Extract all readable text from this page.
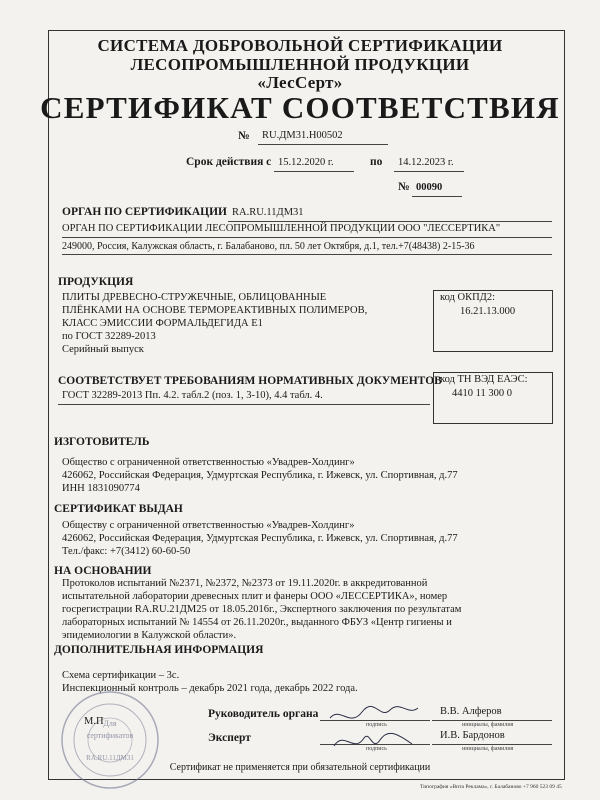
СИСТЕМА ДОБРОВОЛЬНОЙ СЕРТИФИКАЦИИ
ЛЕСОПРОМЫШЛЕННОЙ ПРОДУКЦИИ
«ЛесСерт»
СЕРТИФИКАТ СООТВЕТСТВИЯ
№ RU.ДМ31.H00502
Срок действия с 15.12.2020 г.	по 14.12.2023 г.
№ 00090
ОРГАН ПО СЕРТИФИКАЦИИ RA.RU.11ДМ31
ОРГАН ПО СЕРТИФИКАЦИИ ЛЕСОПРОМЫШЛЕННОЙ ПРОДУКЦИИ ООО "ЛЕССЕРТИКА"
249000, Россия, Калужская область, г. Балабаново, пл. 50 лет Октября, д.1, тел.+7(48438) 2-15-36
ПРОДУКЦИЯ
ПЛИТЫ ДРЕВЕСНО-СТРУЖЕЧНЫЕ, ОБЛИЦОВАННЫЕ
ПЛЁНКАМИ НА ОСНОВЕ ТЕРМОРЕАКТИВНЫХ ПОЛИМЕРОВ,
КЛАСС ЭМИССИИ ФОРМАЛЬДЕГИДА Е1
по ГОСТ 32289-2013
Серийный выпуск
код ОКПД2:
16.21.13.000
СООТВЕТСТВУЕТ ТРЕБОВАНИЯМ НОРМАТИВНЫХ ДОКУМЕНТОВ
ГОСТ 32289-2013 Пп. 4.2. табл.2 (поз. 1, 3-10), 4.4 табл. 4.
код ТН ВЭД ЕАЭС:
4410 11 300 0
ИЗГОТОВИТЕЛЬ
Общество с ограниченной ответственностью «Увадрев-Холдинг»
426062, Российская Федерация, Удмуртская Республика, г. Ижевск, ул. Спортивная, д.77
ИНН 1831090774
СЕРТИФИКАТ ВЫДАН
Обществу с ограниченной ответственностью «Увадрев-Холдинг»
426062, Российская Федерация, Удмуртская Республика, г. Ижевск, ул. Спортивная, д.77
Тел./факс: +7(3412) 60-60-50
НА ОСНОВАНИИ
Протоколов испытаний №2371, №2372, №2373 от 19.11.2020г. в аккредитованной
испытательной лаборатории древесных плит и фанеры ООО «ЛЕССЕРТИКА», номер
госрегистрации RA.RU.21ДМ25 от 18.05.2016г., Экспертного заключения по результатам
лабораторных испытаний № 14554 от 26.11.2020г., выданного ФБУЗ «Центр гигиены и
эпидемиологии в Калужской области».
ДОПОЛНИТЕЛЬНАЯ ИНФОРМАЦИЯ
Схема сертификации – 3с.
Инспекционный контроль – декабрь 2021 года, декабрь 2022 года.
Для
сертификатов
RA.RU.11ДМ31
М.П
Руководитель органа
подпись
В.В. Алферов
инициалы, фамилия
Эксперт
подпись
И.В. Бардонов
инициалы, фамилия
Сертификат не применяется при обязательной сертификации
Типография «Вита Реклама», г. Балабаново +7 960 523 09 45
